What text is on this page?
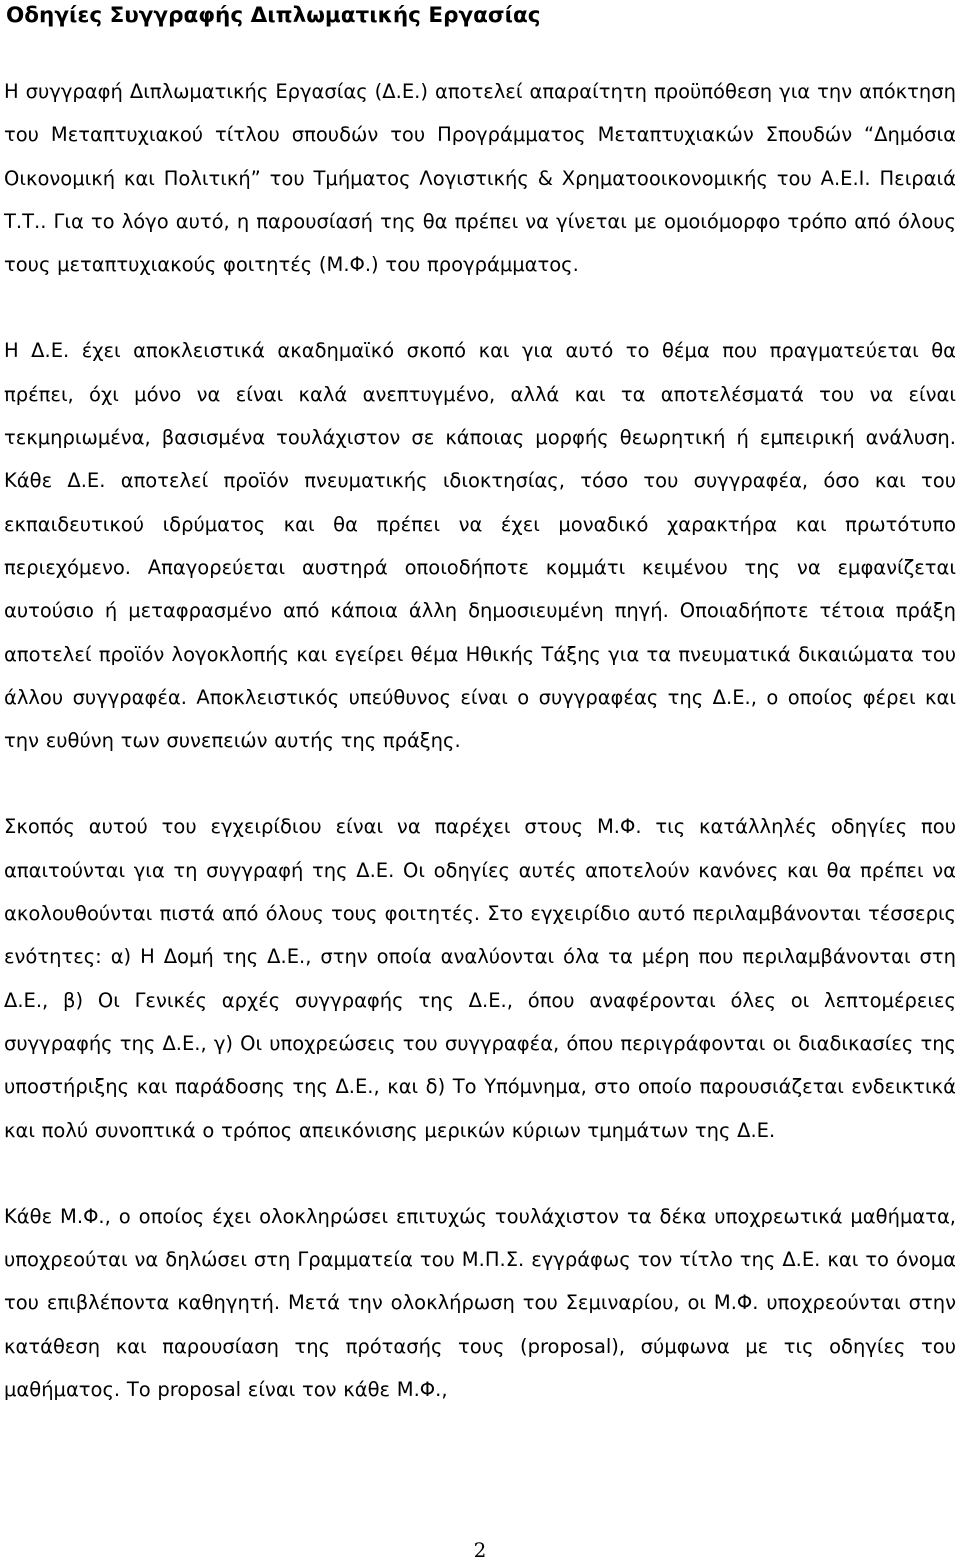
Οδηγίες Συγγραφής Διπλωματικής Εργασίας

Η συγγραφή Διπλωματικής Εργασίας (Δ.Ε.) αποτελεί απαραίτητη προϋπόθεση για την απόκτηση του Μεταπτυχιακού τίτλου σπουδών του Προγράμματος Μεταπτυχιακών Σπουδών “Δημόσια Οικονομική και Πολιτική” του Τμήματος Λογιστικής & Χρηματοοικονομικής του Α.Ε.Ι. Πειραιά Τ.Τ.. Για το λόγο αυτό, η παρουσίασή της θα πρέπει να γίνεται με ομοιόμορφο τρόπο από όλους τους μεταπτυχιακούς φοιτητές (Μ.Φ.) του προγράμματος.

Η Δ.Ε. έχει αποκλειστικά ακαδημαϊκό σκοπό και για αυτό το θέμα που πραγματεύεται θα πρέπει, όχι μόνο να είναι καλά ανεπτυγμένο, αλλά και τα αποτελέσματά του να είναι τεκμηριωμένα, βασισμένα τουλάχιστον σε κάποιας μορφής θεωρητική ή εμπειρική ανάλυση. Κάθε Δ.Ε. αποτελεί προϊόν πνευματικής ιδιοκτησίας, τόσο του συγγραφέα, όσο και του εκπαιδευτικού ιδρύματος και θα πρέπει να έχει μοναδικό χαρακτήρα και πρωτότυπο περιεχόμενο. Απαγορεύεται αυστηρά οποιοδήποτε κομμάτι κειμένου της να εμφανίζεται αυτούσιο ή μεταφρασμένο από κάποια άλλη δημοσιευμένη πηγή. Οποιαδήποτε τέτοια πράξη αποτελεί προϊόν λογοκλοπής και εγείρει θέμα Ηθικής Τάξης για τα πνευματικά δικαιώματα του άλλου συγγραφέα. Αποκλειστικός υπεύθυνος είναι ο συγγραφέας της Δ.Ε., ο οποίος φέρει και την ευθύνη των συνεπειών αυτής της πράξης.

Σκοπός αυτού του εγχειρίδιου είναι να παρέχει στους Μ.Φ. τις κατάλληλές οδηγίες που απαιτούνται για τη συγγραφή της Δ.Ε. Οι οδηγίες αυτές αποτελούν κανόνες και θα πρέπει να ακολουθούνται πιστά από όλους τους φοιτητές. Στο εγχειρίδιο αυτό περιλαμβάνονται τέσσερις ενότητες: α) Η Δομή της Δ.Ε., στην οποία αναλύονται όλα τα μέρη που περιλαμβάνονται στη Δ.Ε., β) Οι Γενικές αρχές συγγραφής της Δ.Ε., όπου αναφέρονται όλες οι λεπτομέρειες συγγραφής της Δ.Ε., γ) Οι υποχρεώσεις του συγγραφέα, όπου περιγράφονται οι διαδικασίες της υποστήριξης και παράδοσης της Δ.Ε., και δ) Το Υπόμνημα, στο οποίο παρουσιάζεται ενδεικτικά και πολύ συνοπτικά ο τρόπος απεικόνισης μερικών κύριων τμημάτων της Δ.Ε.

Κάθε Μ.Φ., ο οποίος έχει ολοκληρώσει επιτυχώς τουλάχιστον τα δέκα υποχρεωτικά μαθήματα, υποχρεούται να δηλώσει στη Γραμματεία του Μ.Π.Σ. εγγράφως τον τίτλο της Δ.Ε. και το όνομα του επιβλέποντα καθηγητή. Μετά την ολοκλήρωση του Σεμιναρίου, οι Μ.Φ. υποχρεούνται στην κατάθεση και παρουσίαση της πρότασής τους (proposal), σύμφωνα με τις οδηγίες του μαθήματος. Το proposal είναι τον κάθε Μ.Φ.,

2
